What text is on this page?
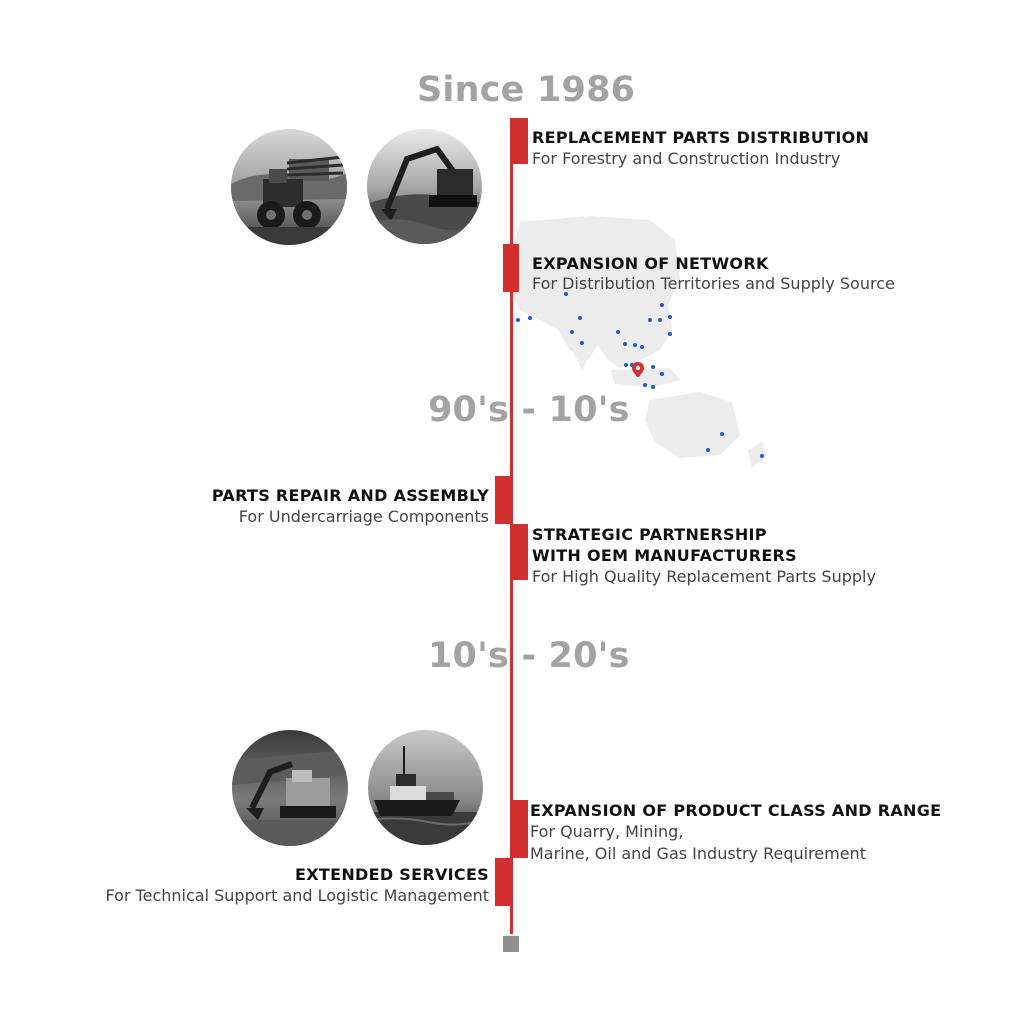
Since 1986
90's - 10's
10's - 20's
REPLACEMENT PARTS DISTRIBUTION
For Forestry and Construction Industry
EXPANSION OF NETWORK
For Distribution Territories and Supply Source
PARTS REPAIR AND ASSEMBLY
For Undercarriage Components
STRATEGIC PARTNERSHIP
WITH OEM MANUFACTURERS
For High Quality Replacement Parts Supply
EXPANSION OF PRODUCT CLASS AND RANGE
For Quarry, Mining,
Marine, Oil and Gas Industry Requirement
EXTENDED SERVICES
For Technical Support and Logistic Management
